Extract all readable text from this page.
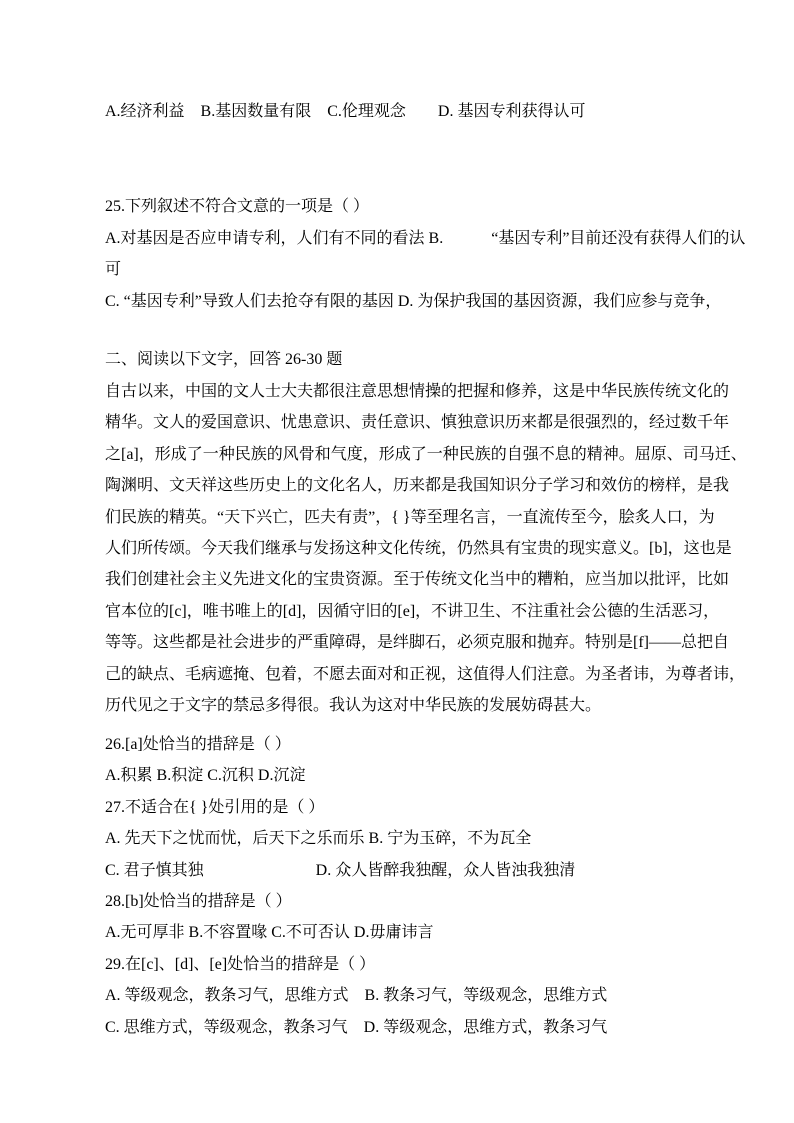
A.经济利益　B.基因数量有限　C.伦理观念　　D. 基因专利获得认可
25.下列叙述不符合文意的一项是（ ）
A.对基因是否应申请专利，人们有不同的看法 B.　　　“基因专利”目前还没有获得人们的认
可
C. “基因专利”导致人们去抢夺有限的基因 D. 为保护我国的基因资源，我们应参与竞争，
二、阅读以下文字，回答 26-30 题
自古以来，中国的文人士大夫都很注意思想情操的把握和修养，这是中华民族传统文化的
精华。文人的爱国意识、忧患意识、责任意识、慎独意识历来都是很强烈的，经过数千年
之[a]，形成了一种民族的风骨和气度，形成了一种民族的自强不息的精神。屈原、司马迁、
陶渊明、文天祥这些历史上的文化名人，历来都是我国知识分子学习和效仿的榜样，是我
们民族的精英。“天下兴亡，匹夫有责”，{ }等至理名言，一直流传至今，脍炙人口，为
人们所传颂。今天我们继承与发扬这种文化传统，仍然具有宝贵的现实意义。[b]，这也是
我们创建社会主义先进文化的宝贵资源。至于传统文化当中的糟粕，应当加以批评，比如
官本位的[c]，唯书唯上的[d]，因循守旧的[e]，不讲卫生、不注重社会公德的生活恶习，
等等。这些都是社会进步的严重障碍，是绊脚石，必须克服和抛弃。特别是[f]——总把自
己的缺点、毛病遮掩、包着，不愿去面对和正视，这值得人们注意。为圣者讳，为尊者讳，
历代见之于文字的禁忌多得很。我认为这对中华民族的发展妨碍甚大。
26.[a]处恰当的措辞是（ ）
A.积累 B.积淀 C.沉积 D.沉淀
27.不适合在{ }处引用的是（ ）
A. 先天下之忧而忧，后天下之乐而乐 B. 宁为玉碎，不为瓦全
C. 君子慎其独　　　　　　　D. 众人皆醉我独醒，众人皆浊我独清
28.[b]处恰当的措辞是（ ）
A.无可厚非 B.不容置喙 C.不可否认 D.毋庸讳言
29.在[c]、[d]、[e]处恰当的措辞是（ ）
A. 等级观念，教条习气，思维方式　B. 教条习气，等级观念，思维方式
C. 思维方式，等级观念，教条习气　D. 等级观念，思维方式，教条习气
